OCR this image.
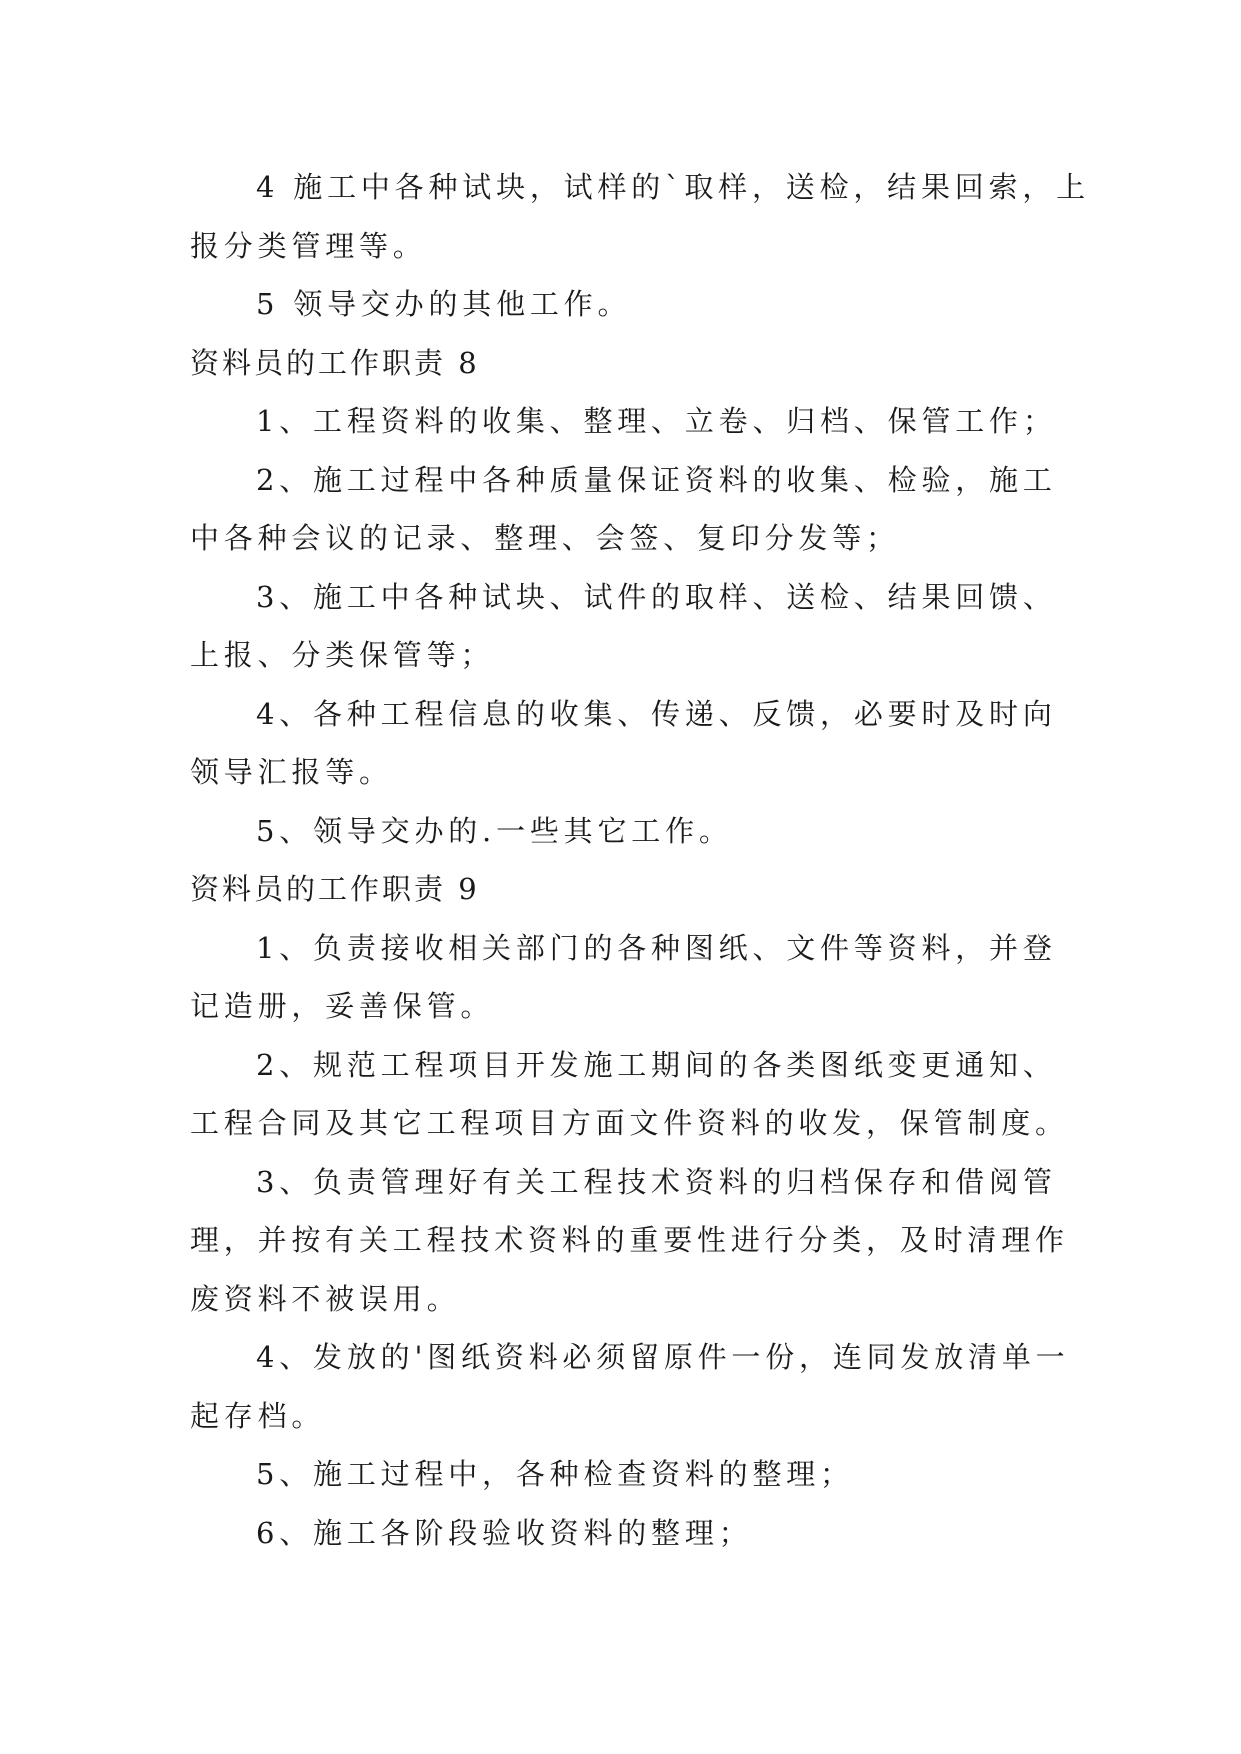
4 施工中各种试块，试样的`取样，送检，结果回索，上
报分类管理等。
5 领导交办的其他工作。
资料员的工作职责 8
1、工程资料的收集、整理、立卷、归档、保管工作；
2、施工过程中各种质量保证资料的收集、检验，施工
中各种会议的记录、整理、会签、复印分发等；
3、施工中各种试块、试件的取样、送检、结果回馈、
上报、分类保管等；
4、各种工程信息的收集、传递、反馈，必要时及时向
领导汇报等。
5、领导交办的.一些其它工作。
资料员的工作职责 9
1、负责接收相关部门的各种图纸、文件等资料，并登
记造册，妥善保管。
2、规范工程项目开发施工期间的各类图纸变更通知、
工程合同及其它工程项目方面文件资料的收发，保管制度。
3、负责管理好有关工程技术资料的归档保存和借阅管
理，并按有关工程技术资料的重要性进行分类，及时清理作
废资料不被误用。
4、发放的'图纸资料必须留原件一份，连同发放清单一
起存档。
5、施工过程中，各种检查资料的整理；
6、施工各阶段验收资料的整理；
